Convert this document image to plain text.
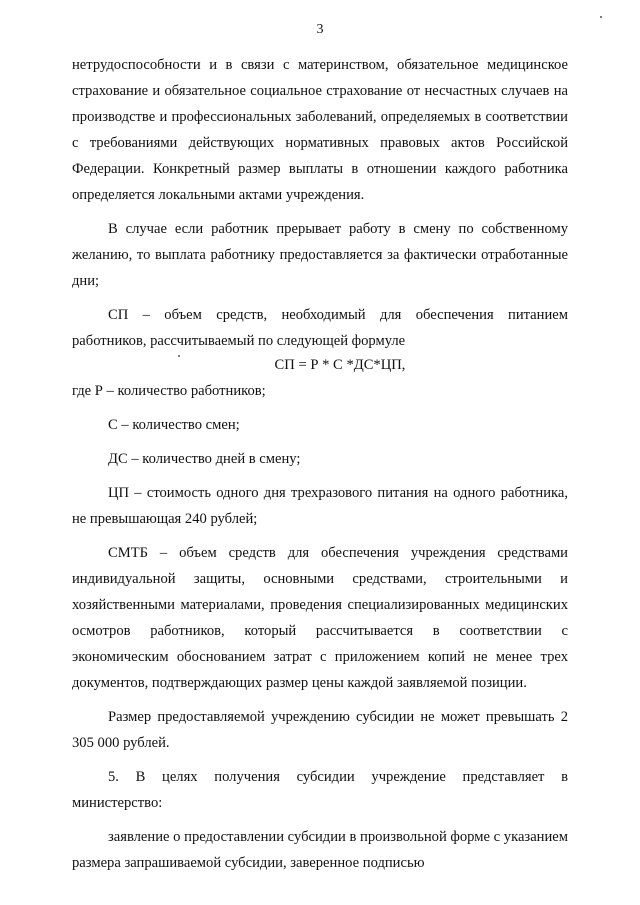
3

нетрудоспособности и в связи с материнством, обязательное медицинское страхование и обязательное социальное страхование от несчастных случаев на производстве и профессиональных заболеваний, определяемых в соответствии с требованиями действующих нормативных правовых актов Российской Федерации. Конкретный размер выплаты в отношении каждого работника определяется локальными актами учреждения.

В случае если работник прерывает работу в смену по собственному желанию, то выплата работнику предоставляется за фактически отработанные дни;

СП – объем средств, необходимый для обеспечения питанием работников, рассчитываемый по следующей формуле

СП = Р * С *ДС*ЦП,

где Р – количество работников;

С – количество смен;

ДС – количество дней в смену;

ЦП – стоимость одного дня трехразового питания на одного работника, не превышающая 240 рублей;

СМТБ – объем средств для обеспечения учреждения средствами индивидуальной защиты, основными средствами, строительными и хозяйственными материалами, проведения специализированных медицинских осмотров работников, который рассчитывается в соответствии с экономическим обоснованием затрат с приложением копий не менее трех документов, подтверждающих размер цены каждой заявляемой позиции.

Размер предоставляемой учреждению субсидии не может превышать 2 305 000 рублей.

5. В целях получения субсидии учреждение представляет в министерство:

заявление о предоставлении субсидии в произвольной форме с указанием размера запрашиваемой субсидии, заверенное подписью
